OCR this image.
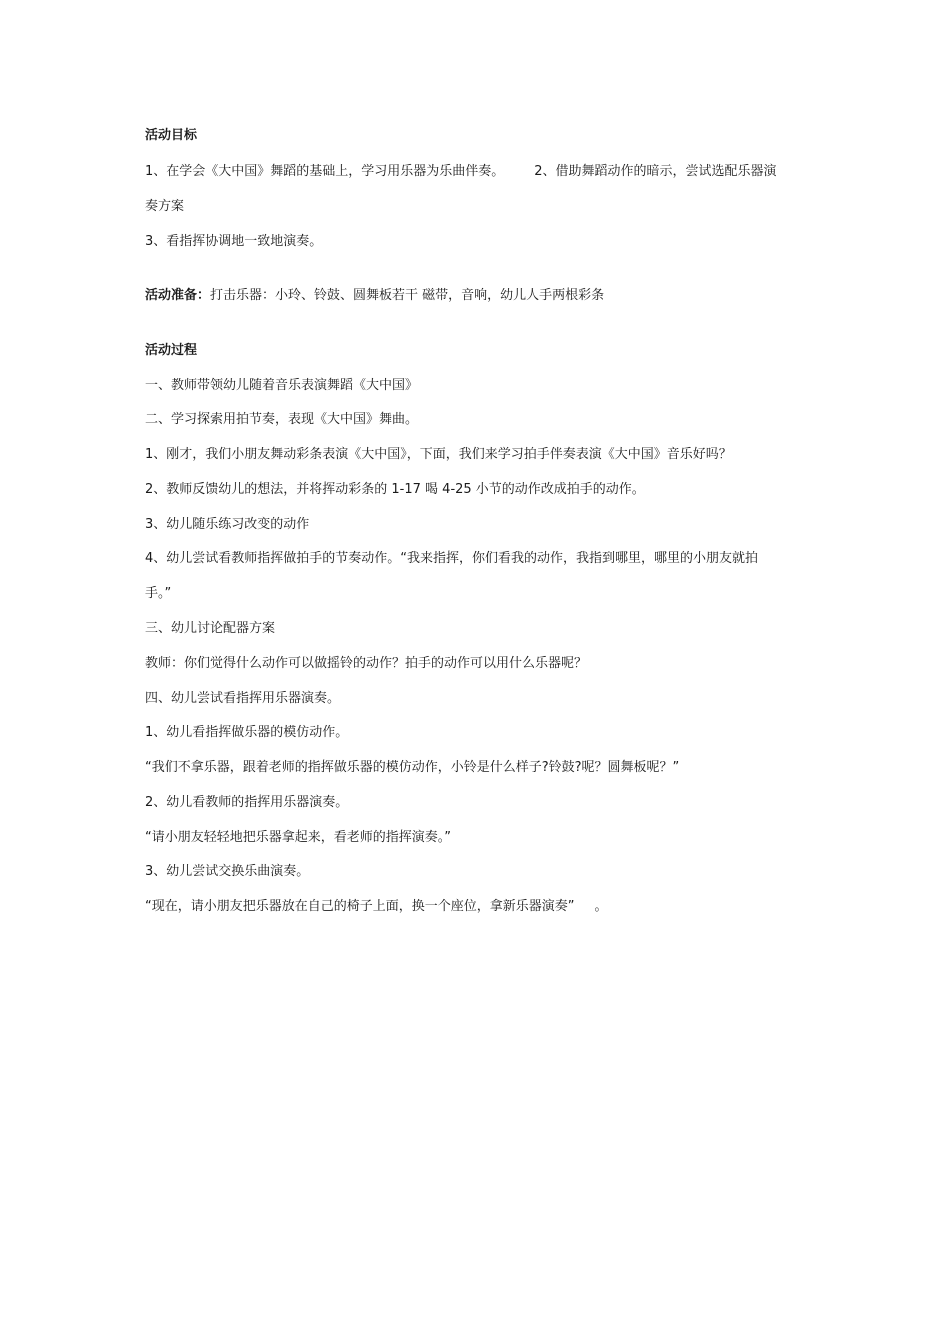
活动目标
1、在学会《大中国》舞蹈的基础上，学习用乐器为乐曲伴奏。 2、借助舞蹈动作的暗示，尝试选配乐器演
奏方案
3、看指挥协调地一致地演奏。
活动准备：打击乐器：小玲、铃鼓、圆舞板若干 磁带，音响，幼儿人手两根彩条
活动过程
一、教师带领幼儿随着音乐表演舞蹈《大中国》
二、学习探索用拍节奏，表现《大中国》舞曲。
1、刚才，我们小朋友舞动彩条表演《大中国》，下面，我们来学习拍手伴奏表演《大中国》音乐好吗？
2、教师反馈幼儿的想法，并将挥动彩条的 1-17 喝 4-25 小节的动作改成拍手的动作。
3、幼儿随乐练习改变的动作
4、幼儿尝试看教师指挥做拍手的节奏动作。“我来指挥，你们看我的动作，我指到哪里，哪里的小朋友就拍
手。”
三、幼儿讨论配器方案
教师：你们觉得什么动作可以做摇铃的动作？拍手的动作可以用什么乐器呢？
四、幼儿尝试看指挥用乐器演奏。
1、幼儿看指挥做乐器的模仿动作。
“我们不拿乐器，跟着老师的指挥做乐器的模仿动作，小铃是什么样子?铃鼓?呢？圆舞板呢？”
2、幼儿看教师的指挥用乐器演奏。
“请小朋友轻轻地把乐器拿起来，看老师的指挥演奏。”
3、幼儿尝试交换乐曲演奏。
“现在，请小朋友把乐器放在自己的椅子上面，换一个座位，拿新乐器演奏” 。
